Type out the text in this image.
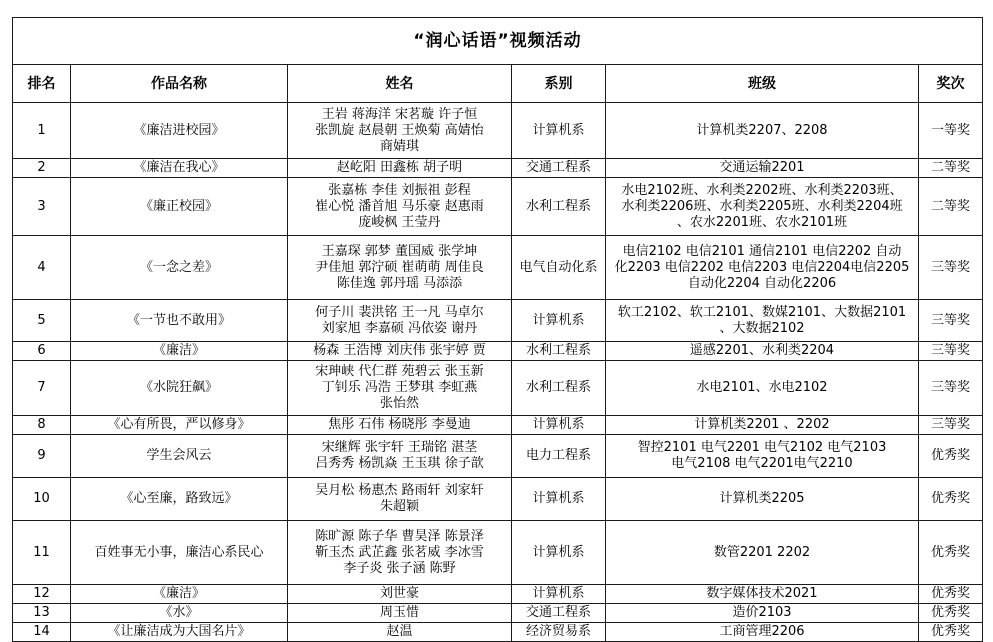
“润心话语”视频活动					
排名	作品名称	姓名	系别	班级	奖次
1	《廉洁进校园》	王岩 蒋海洋 宋茗璇 许子恒
张凯旋 赵晨朝 王焕菊 高婧怡
商婧琪	计算机系	计算机类2207、2208	一等奖
2	《廉洁在我心》	赵屹阳 田鑫栋 胡子明	交通工程系	交通运输2201	二等奖
3	《廉正校园》	张嘉栋 李佳 刘振祖 彭程
崔心悦 潘首旭 马乐豪 赵惠雨
庞峻枫 王莹丹	水利工程系	水电2102班、水利类2202班、水利类2203班、
水利类2206班、水利类2205班、水利类2204班
、农水2201班、农水2101班	二等奖
4	《一念之差》	王嘉琛 郭梦 董国威 张学坤
尹佳旭 郭泞硕 崔萌萌 周佳良
陈佳逸 郭丹瑶 马添添	电气自动化系	电信2102 电信2101 通信2101 电信2202 自动
化2203 电信2202 电信2203 电信2204电信2205
自动化2204 自动化2206	三等奖
5	《一节也不敢用》	何子川 裴洪铭 王一凡 马卓尔
刘家旭 李嘉硕 冯依姿 谢丹	计算机系	软工2102、软工2101、数媒2101、大数据2101
、大数据2102	三等奖
6	《廉洁》	杨森 王浩博 刘庆伟 张宇婷 贾	水利工程系	遥感2201、水利类2204	三等奖
7	《水院狂飙》	宋珅峡 代仁群 苑碧云 张玉新
丁钊乐 冯浩 王梦琪 李虹燕
张怡然	水利工程系	水电2101、水电2102	三等奖
8	《心有所畏，严以修身》	焦彤 石伟 杨晓彤 李曼迪	计算机系	计算机类2201 、2202	三等奖
9	学生会风云	宋继辉 张宇轩 王瑞铭 湛茎
吕秀秀 杨凯焱 王玉琪 徐子歆	电力工程系	智控2101 电气2201 电气2102 电气2103
电气2108 电气2201电气2210	优秀奖
10	《心至廉，路致远》	吴月松 杨惠杰 路雨轩 刘家轩
朱超颖	计算机系	计算机类2205	优秀奖
11	百姓事无小事，廉洁心系民心	陈旷源 陈子华 曹昊泽 陈景泽
靳玉杰 武芷鑫 张茗威 李冰雪
李子炎 张子涵 陈野	计算机系	数管2201 2202	优秀奖
12	《廉洁》	刘世豪	计算机系	数字媒体技术2021	优秀奖
13	《水》	周玉惜	交通工程系	造价2103	优秀奖
14	《让廉洁成为大国名片》	赵温	经济贸易系	工商管理2206	优秀奖
